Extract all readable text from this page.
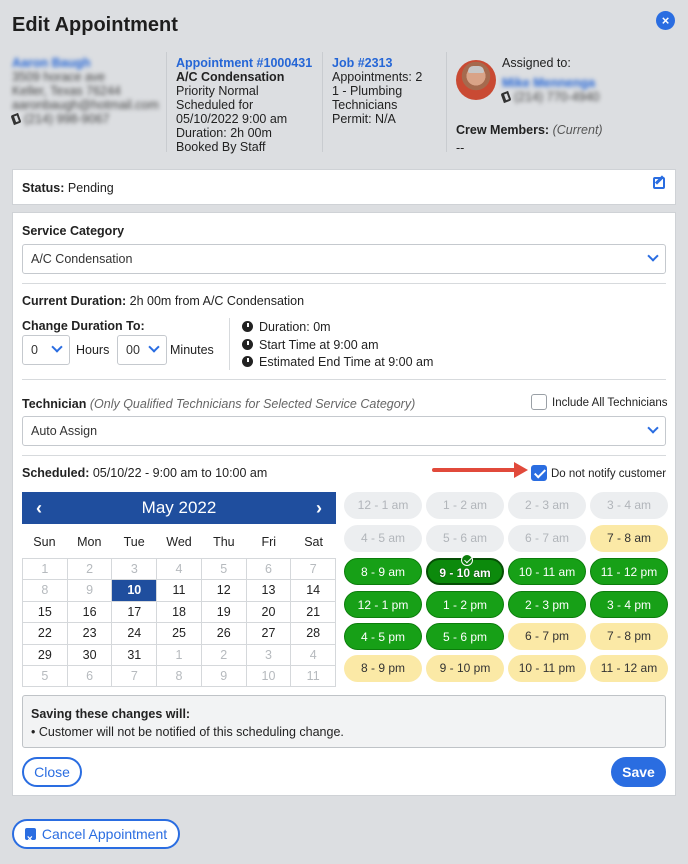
Edit Appointment	×
Aaron Baugh
3509 horace ave
Keller, Texas 76244
aaronbaugh@hotmail.com
(214) 998-9067
Appointment #1000431
A/C Condensation
Priority Normal
Scheduled for
05/10/2022 9:00 am
Duration: 2h 00m
Booked By Staff
Job #2313
Appointments: 2
1 - Plumbing
Technicians
Permit: N/A
Assigned to:
Mike Mennenga
(214) 770-4940
Crew Members: (Current)
--
Status: Pending
Service Category
A/C Condensation
Current Duration: 2h 00m from A/C Condensation
Change Duration To:
0	Hours	00	Minutes
Duration: 0m
Start Time at 9:00 am
Estimated End Time at 9:00 am
Technician (Only Qualified Technicians for Selected Service Category)	Include All Technicians
Auto Assign
Scheduled: 05/10/22 - 9:00 am to 10:00 am	Do not notify customer
‹	May 2022	›
Sun	Mon	Tue	Wed	Thu	Fri	Sat
1	2	3	4	5	6	7
8	9	10	11	12	13	14
15	16	17	18	19	20	21
22	23	24	25	26	27	28
29	30	31	1	2	3	4
5	6	7	8	9	10	11
12 - 1 am	1 - 2 am	2 - 3 am	3 - 4 am
4 - 5 am	5 - 6 am	6 - 7 am	7 - 8 am
8 - 9 am	9 - 10 am	10 - 11 am	11 - 12 pm
12 - 1 pm	1 - 2 pm	2 - 3 pm	3 - 4 pm
4 - 5 pm	5 - 6 pm	6 - 7 pm	7 - 8 pm
8 - 9 pm	9 - 10 pm	10 - 11 pm	11 - 12 am
Saving these changes will:
• Customer will not be notified of this scheduling change.
Close	Save
×Cancel Appointment
